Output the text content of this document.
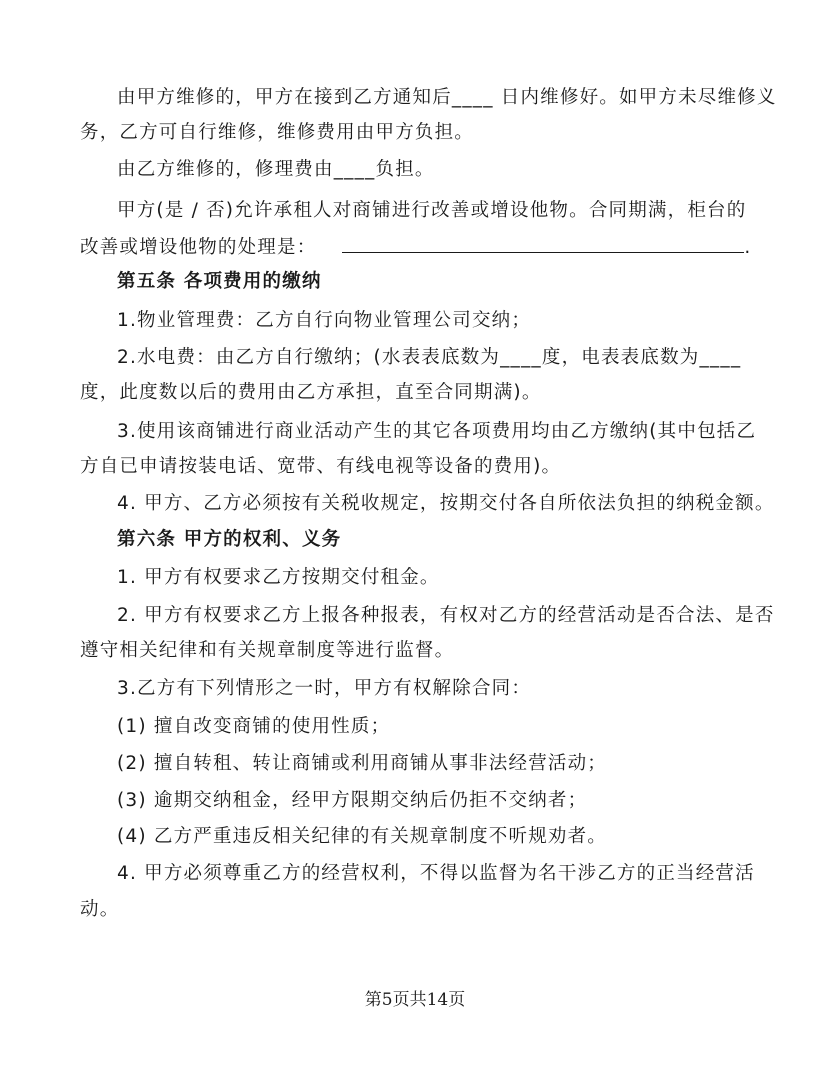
由甲方维修的，甲方在接到乙方通知后____ 日内维修好。如甲方未尽维修义
务，乙方可自行维修，维修费用由甲方负担。
由乙方维修的，修理费由____负担。
甲方(是 / 否)允许承租人对商铺进行改善或增设他物。合同期满，柜台的
改善或增设他物的处理是：	.
第五条 各项费用的缴纳
1.物业管理费：乙方自行向物业管理公司交纳；
2.水电费：由乙方自行缴纳；(水表表底数为____度，电表表底数为____
度，此度数以后的费用由乙方承担，直至合同期满)。
3.使用该商铺进行商业活动产生的其它各项费用均由乙方缴纳(其中包括乙
方自已申请按装电话、宽带、有线电视等设备的费用)。
4. 甲方、乙方必须按有关税收规定，按期交付各自所依法负担的纳税金额。
第六条 甲方的权利、义务
1. 甲方有权要求乙方按期交付租金。
2. 甲方有权要求乙方上报各种报表，有权对乙方的经营活动是否合法、是否
遵守相关纪律和有关规章制度等进行监督。
3.乙方有下列情形之一时，甲方有权解除合同：
(1) 擅自改变商铺的使用性质；
(2) 擅自转租、转让商铺或利用商铺从事非法经营活动；
(3) 逾期交纳租金，经甲方限期交纳后仍拒不交纳者；
(4) 乙方严重违反相关纪律的有关规章制度不听规劝者。
4. 甲方必须尊重乙方的经营权利，不得以监督为名干涉乙方的正当经营活
动。
第5页共14页
